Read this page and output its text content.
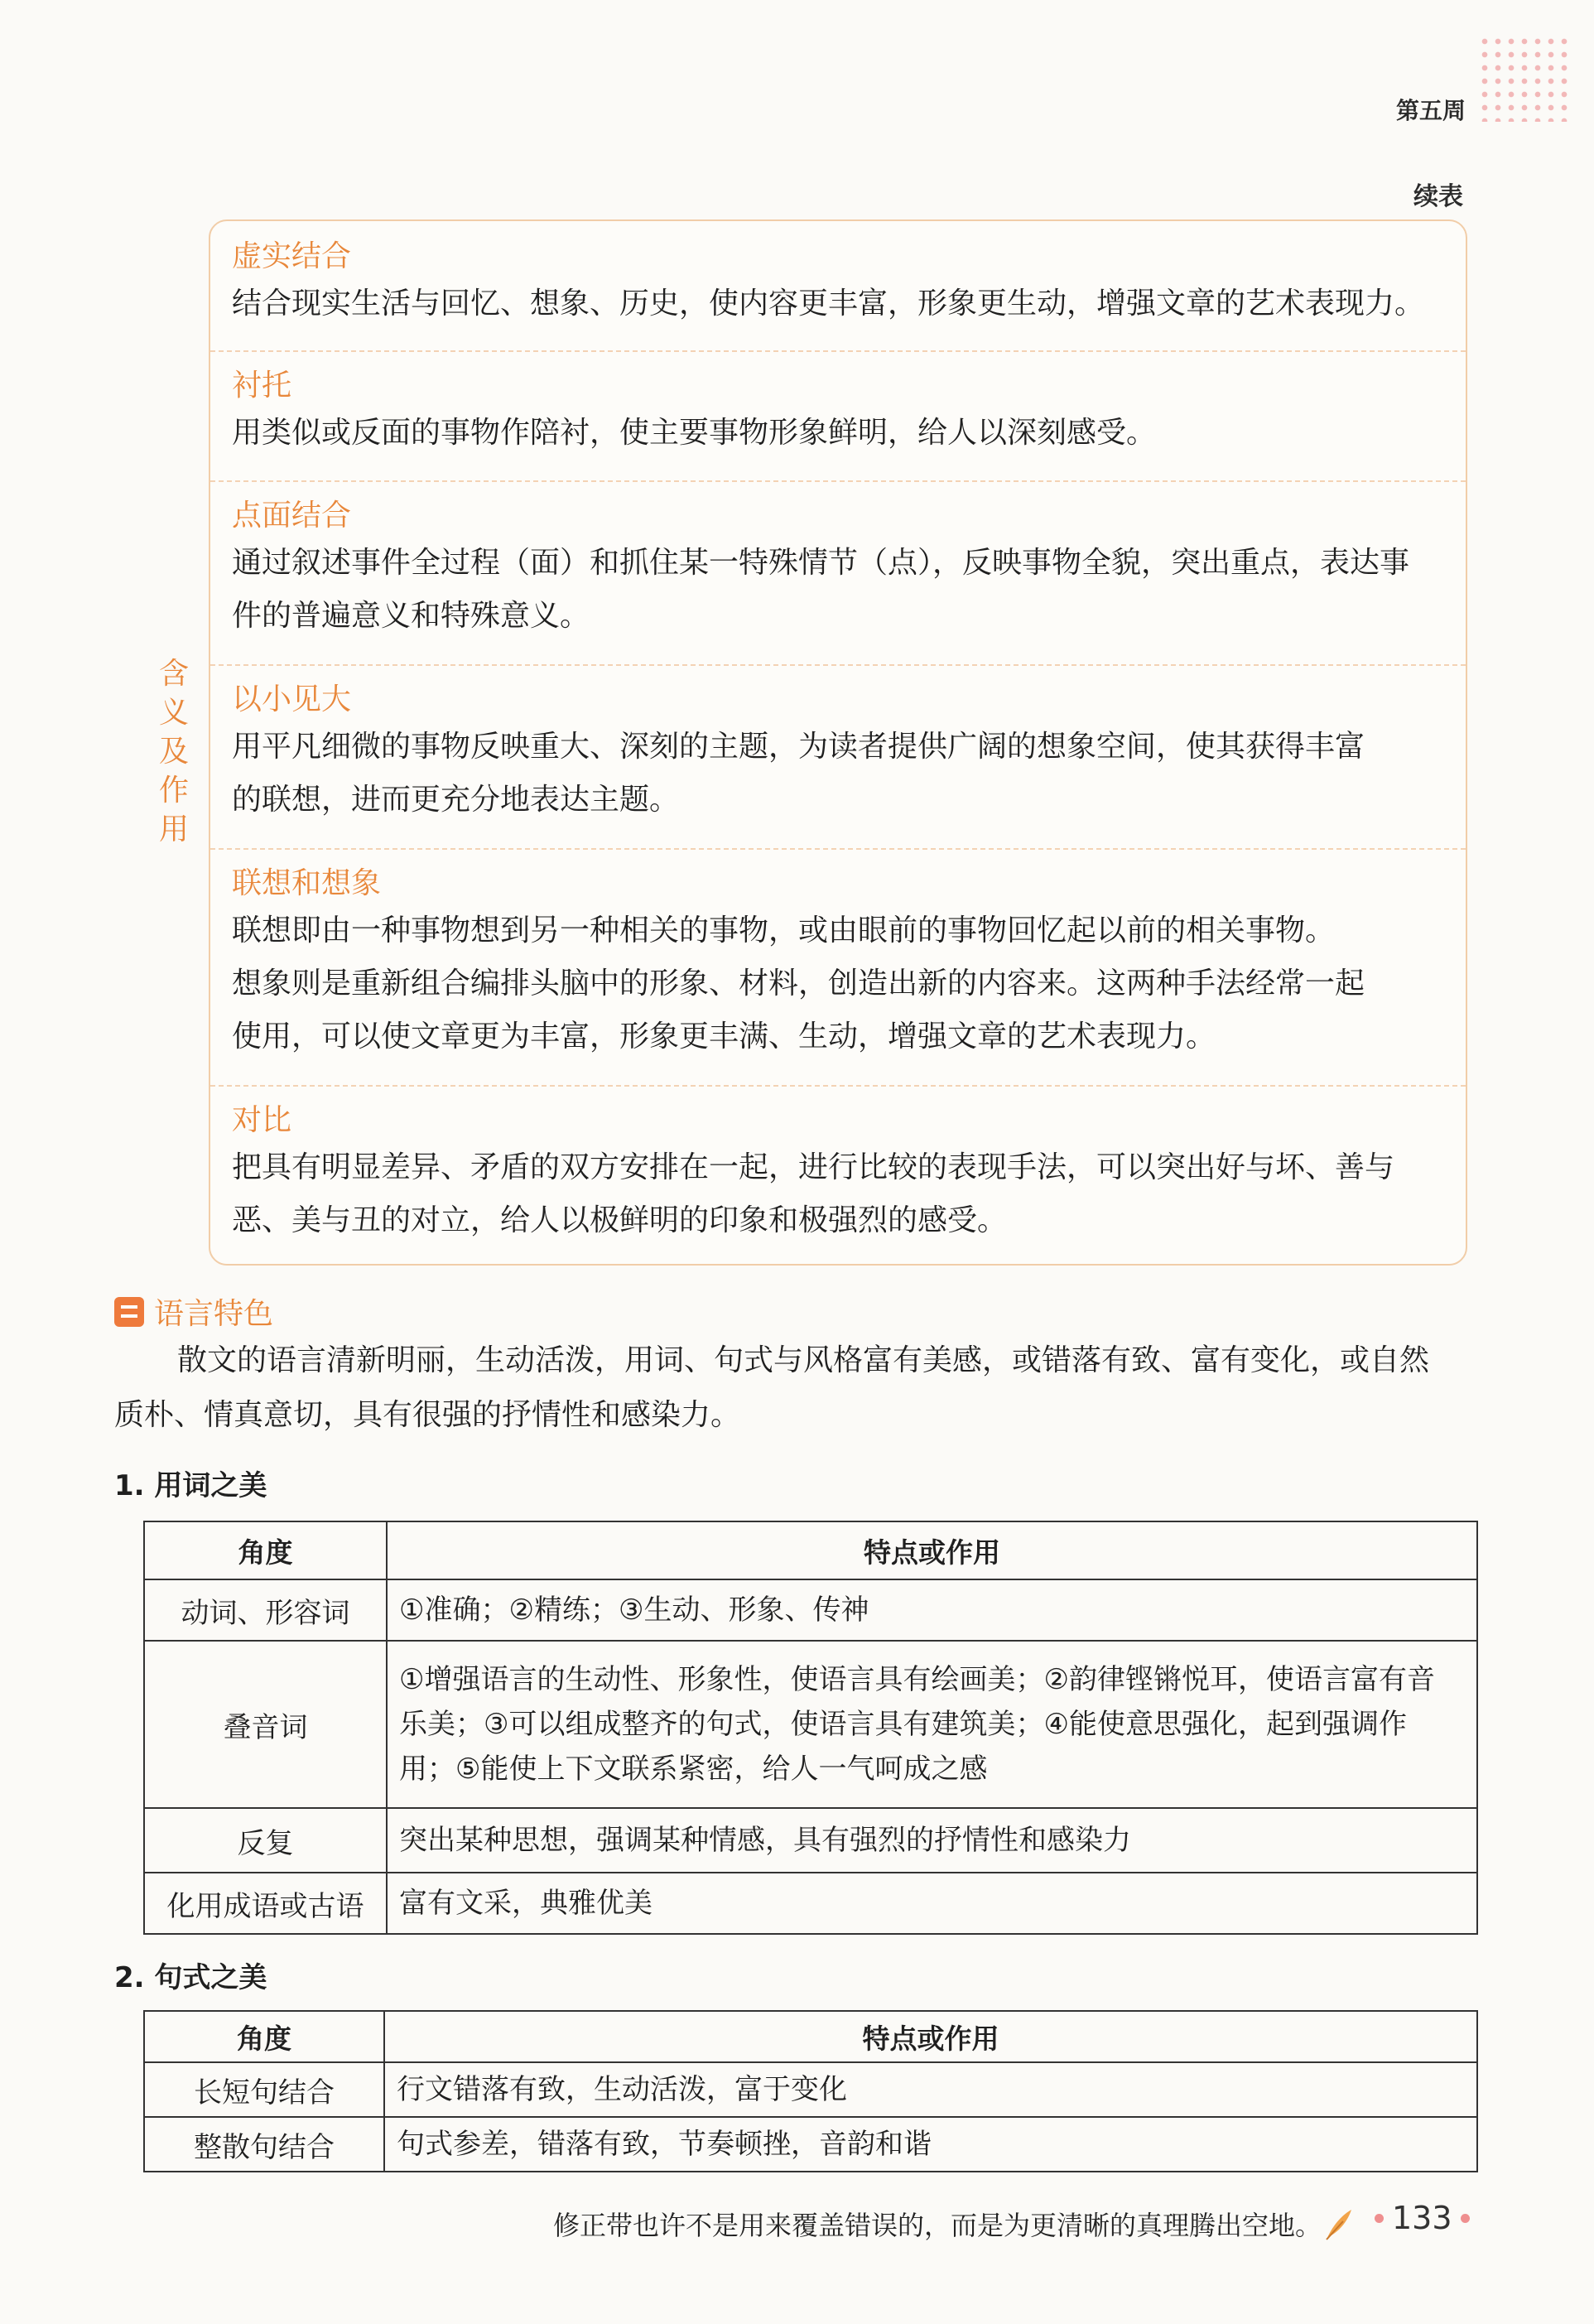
第五周
续表
含
义
及
作
用
虚实结合

结合现实生活与回忆、想象、历史，使内容更丰富，形象更生动，增强文章的艺术表现力。

衬托

用类似或反面的事物作陪衬，使主要事物形象鲜明，给人以深刻感受。

点面结合

通过叙述事件全过程（面）和抓住某一特殊情节（点），反映事物全貌，突出重点，表达事

件的普遍意义和特殊意义。

以小见大

用平凡细微的事物反映重大、深刻的主题，为读者提供广阔的想象空间，使其获得丰富

的联想，进而更充分地表达主题。

联想和想象

联想即由一种事物想到另一种相关的事物，或由眼前的事物回忆起以前的相关事物。

想象则是重新组合编排头脑中的形象、材料，创造出新的内容来。这两种手法经常一起

使用，可以使文章更为丰富，形象更丰满、生动，增强文章的艺术表现力。

对比

把具有明显差异、矛盾的双方安排在一起，进行比较的表现手法，可以突出好与坏、善与

恶、美与丑的对立，给人以极鲜明的印象和极强烈的感受。

语言特色

散文的语言清新明丽，生动活泼，用词、句式与风格富有美感，或错落有致、富有变化，或自然
质朴、情真意切，具有很强的抒情性和感染力。

1. 用词之美
角度	特点或作用
动词、形容词	①准确；②精练；③生动、形象、传神
叠音词	①增强语言的生动性、形象性，使语言具有绘画美；②韵律铿锵悦耳，使语言富有音
乐美；③可以组成整齐的句式，使语言具有建筑美；④能使意思强化，起到强调作
用；⑤能使上下文联系紧密，给人一气呵成之感

反复	突出某种思想，强调某种情感，具有强烈的抒情性和感染力
化用成语或古语	富有文采，典雅优美
2. 句式之美
角度	特点或作用
长短句结合	行文错落有致，生动活泼，富于变化
整散句结合	句式参差，错落有致，节奏顿挫，音韵和谐
修正带也许不是用来覆盖错误的，而是为更清晰的真理腾出空地。 133
